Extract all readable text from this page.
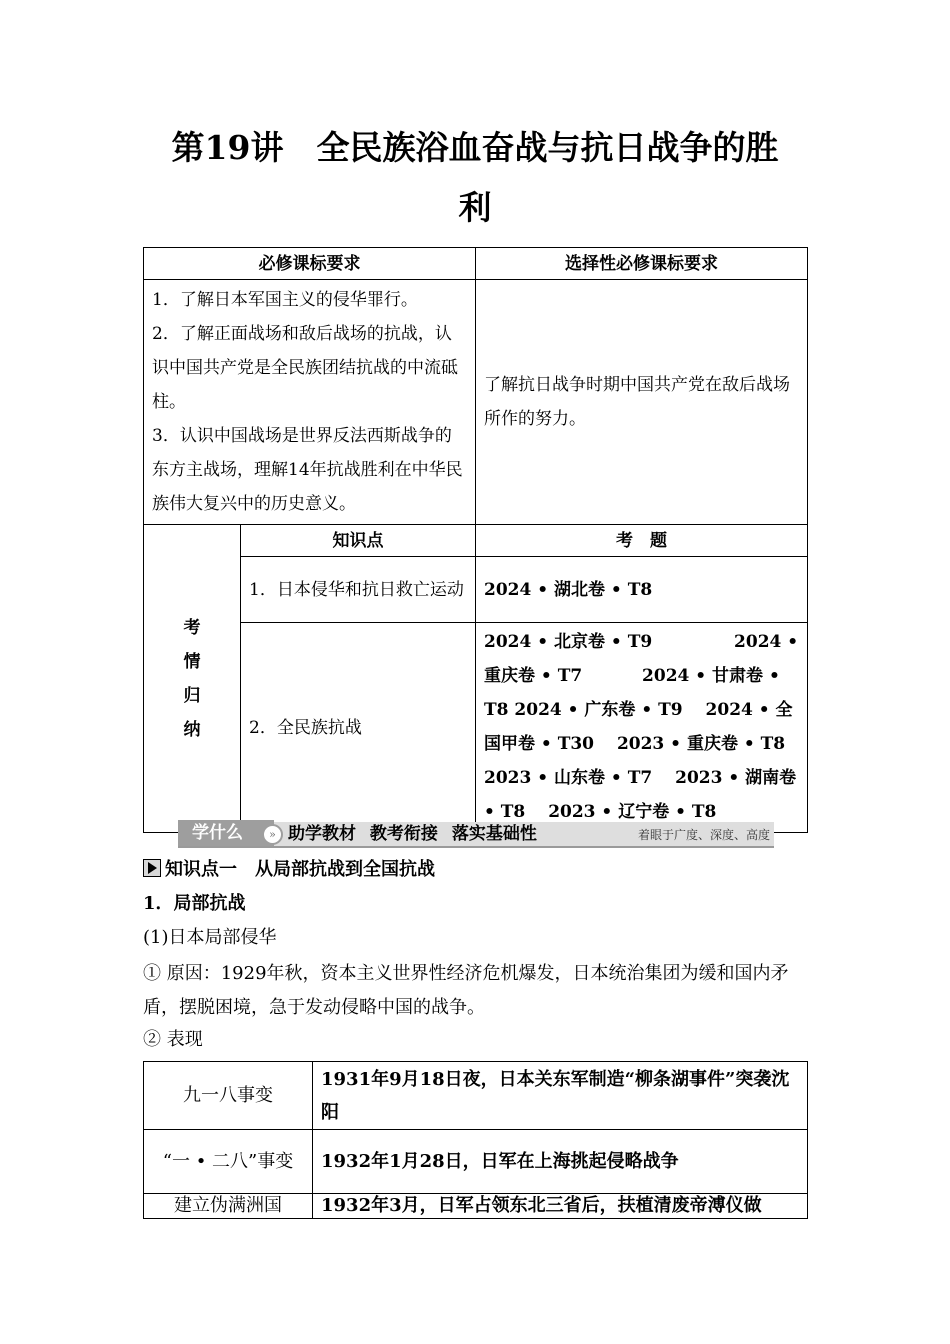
第19讲　全民族浴血奋战与抗日战争的胜
利
必修课标要求		选择性必修课标要求

1．了解日本军国主义的侵华罪行。
2．了解正面战场和敌后战场的抗战，认识中国共产党是全民族团结抗战的中流砥柱。
3．认识中国战场是世界反法西斯战争的东方主战场，理解14年抗战胜利在中华民族伟大复兴中的历史意义。		了解抗日战争时期中国共产党在敌后战场所作的努力。

考
情
归
纳	知识点	考　题
	1．日本侵华和抗日救亡运动	2024 • 湖北卷 • T8
	2．全民族抗战	2024 • 北京卷 • T9 2024 • 重庆卷 • T7 2024 • 甘肃卷 • T8 2024 • 广东卷 • T9　 2024 • 全国甲卷 • T30　 2023 • 重庆卷 • T8 2023 • 山东卷 • T7　 2023 • 湖南卷 • T8　 2023 • 辽宁卷 • T8
学什么	» 助学教材 教考衔接 落实基础性	着眼于广度、深度、高度
知识点一　从局部抗战到全国抗战
1．局部抗战
(1)日本局部侵华
① 原因：1929年秋，资本主义世界性经济危机爆发，日本统治集团为缓和国内矛盾，摆脱困境，急于发动侵略中国的战争。
② 表现
九一八事变	1931年9月18日夜，日本关东军制造“柳条湖事件”突袭沈阳
“一 • 二八”事变	1932年1月28日，日军在上海挑起侵略战争
建立伪满洲国	1932年3月，日军占领东北三省后，扶植清废帝溥仪做
